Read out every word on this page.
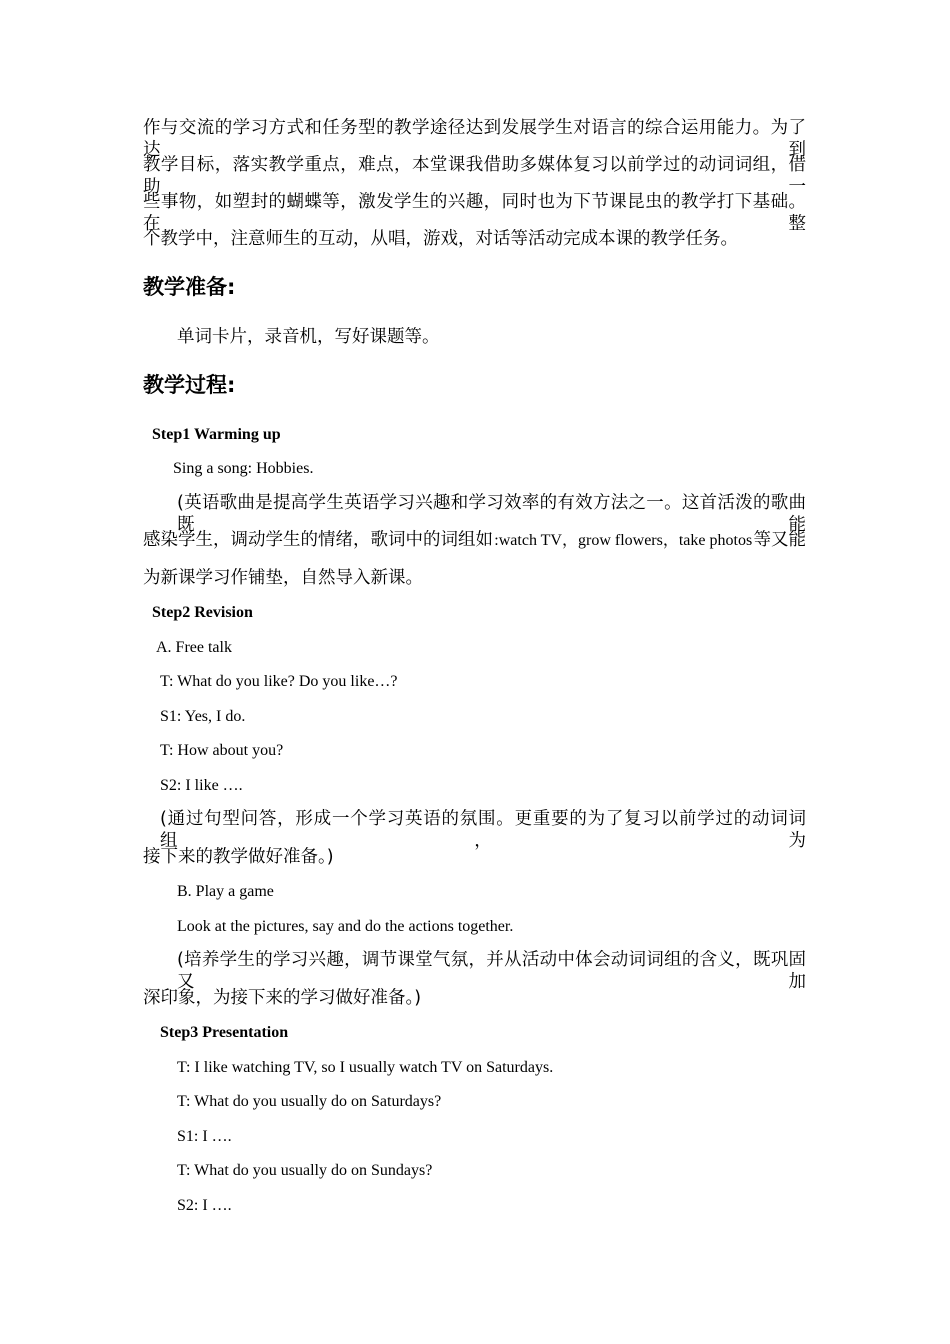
作与交流的学习方式和任务型的教学途径达到发展学生对语言的综合运用能力。为了达到
教学目标，落实教学重点，难点，本堂课我借助多媒体复习以前学过的动词词组，借助一
些事物，如塑封的蝴蝶等，激发学生的兴趣，同时也为下节课昆虫的教学打下基础。在整
个教学中，注意师生的互动，从唱，游戏，对话等活动完成本课的教学任务。
教学准备:
单词卡片，录音机，写好课题等。
教学过程:
Step1 Warming up
Sing a song: Hobbies.
(英语歌曲是提高学生英语学习兴趣和学习效率的有效方法之一。这首活泼的歌曲既能
感染学生，调动学生的情绪，歌词中的词组如 :watch TV，grow flowers，take photos 等又能
为新课学习作铺垫，自然导入新课。
Step2 Revision
A. Free talk
T: What do you like? Do you like…?
S1: Yes, I do.
T: How about you?
S2: I like ….
(通过句型问答，形成一个学习英语的氛围。更重要的为了复习以前学过的动词词组，为
接下来的教学做好准备。)
B. Play a game
Look at the pictures, say and do the actions together.
(培养学生的学习兴趣，调节课堂气氛，并从活动中体会动词词组的含义，既巩固又加
深印象，为接下来的学习做好准备。)
Step3 Presentation
T: I like watching TV, so I usually watch TV on Saturdays.
T: What do you usually do on Saturdays?
S1: I ….
T: What do you usually do on Sundays?
S2: I ….
